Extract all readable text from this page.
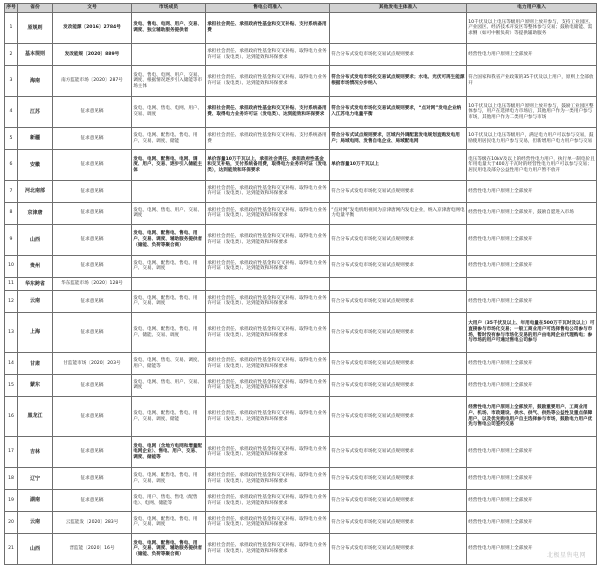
序号	省份	文号	市场成员	售电公司准入	其他发电主体准入	电力用户准入
1	原规则	发改能源〔2016〕2784号	发电、售电、电网、用户、交易、调度、独立辅助服务提供者	承担社会责任、承担政府性基金和交叉补贴、支付系统备用费		10千伏及以上电压等级用户原则上放开参与，支持工业园区、产业园区、经济技术开发区等整体参与交易；鼓励电储能、需求侧（如可中断负荷）等提供辅助服务
2	基本规则	发改能规〔2020〕889号		承担社会责任、承担政府性基金和交叉补贴、取得电力业务许可证（发电类）、达到能效和环保要求	符合分布式发电市场化交易试点规则要求	经营性电力用户原则上全部放开
3	海南	南方监能市场〔2020〕287号	发电、售电、电网、用户、交易、调度、根据情况逐步引入储能等市场主体	承担社会责任、承担政府性基金和交叉补贴、取得电力业务许可证（发电类）、达到能效和环保要求	符合分布式发电市场化交易试点规则要求；水电、光伏可再生能源根据市场情况分步纳入	符合国家和我省产业政策的35千伏及以上用户，原则上全部放开
4	江苏	征求意见稿	发电、电网、售电、电网、用户、交易、调度	承担社会责任、承担政府性基金和交叉补贴、支付系统备用费、取得电力业务许可证（发电类）、达到能效和环保要求	符合分布式发电市场化交易试点规则要求，“点对网”发电企业纳入江苏电力电量平衡	10千伏及以上电压等级用户原则上放开参与，鼓励工业园区整体参与，用户在选择电力市场后，其他用户作为一类用户参与市场，其他用户作为二类用户参与市场
5	新疆	征求意见稿	发电、电网、配售电、售电、用户、交易、调度、储能	承担社会责任、承担政府性基金和交叉补贴、支付系统备用费	符合分布式试点规则要求，区域内外调配套发电规划直购发电用户；局域电网、发售自电企业、局域配电网	10千伏及以上电压等级用户，满足电力用户可以参与交易，鼓励使用居民电力用户参与交易，但新增用户电力用户参与交易
6	安徽	征求意见稿	发电、电网、配售电、电网、调度、用户、交易、逐步引入储能主体	单价容量10万千瓦以上，承担社会责任、承担政府性基金和交叉补贴，支付系统备用费，取得电力业务许可证（发电类），达到能效和环保要求	单价容量10万千瓦以上	电压等级在10kV及以上的经营性电力用户，执行单一制电价且年用电量大于400万千瓦时的经营性电力用户可以参与交易；居民用电及部分公益性用户电力用户暂不放开
7	河北南部	征求意见稿		承担社会责任、承担政府性基金和交叉补贴、取得电力业务许可证（发电类）、达到能效和环保要求	符合分布式发电市场化交易试点规则要求	经营性电力用户原则上全部放开
8	京津唐	征求意见稿	发电、电网、售电、用户、交易、调度	承担社会责任、承担政府性基金和交叉补贴、取得电力业务许可证（发电类）、达到能效和环保要求	“点对网”发电机组视同为京津唐网内发电企业，纳入京津唐电网电力电量平衡	经营性电力用户原则上全部放开，鼓励自愿进入市场
9	山西	征求意见稿	发电、电网、配售电、售电、用户、交易、调度、辅助服务提供者（储能、负荷等聚合商）	承担社会责任、承担政府性基金和交叉补贴、取得电力业务许可证（发电类）、达到能效和环保要求	符合分布式发电市场化交易试点规则要求	经营性电力用户原则上全部放开
10	贵州	征求意见稿	发电、电网、配售电、售电、用户、交易、调度	承担社会责任、承担政府性基金和交叉补贴、取得电力业务许可证（发电类）、达到能效和环保要求	符合分布式发电市场化交易试点规则要求	经营性电力用户原则上全部放开
11	华东跨省	华东监能市场〔2020〕128号				
12	云南	征求意见稿	发电、电网、配售电、售电、用户、交易、调度	承担社会责任、承担政府性基金和交叉补贴、取得电力业务许可证（发电类）、达到能效和环保要求	符合分布式发电市场化交易试点规则要求	经营性电力用户原则上全部放开
13	上海	征求意见稿	发电、电网、配售电、售电、用户、储能、交易、调度	承担社会责任、承担政府性基金和交叉补贴、取得电力业务许可证（发电类）、达到能效和环保要求	符合分布式发电市场化交易试点规则要求	大用户（35千伏及以上、年用电量在500万千瓦时及以上）可直接参与市场化交易；一般工商业用户可选择售电公司参与市场，暂时没有参与市场化交易的用户由电网企业代理购电；参与市场的用户可通过售电公司参与
14	甘肃	甘监能市场〔2020〕203号	发电、电网、售电、交易、调度、用户、储能等	承担社会责任、承担政府性基金和交叉补贴、取得电力业务许可证（发电类）、达到能效和环保要求	符合分布式发电市场化交易试点规则要求	经营性电力用户原则上全部放开
15	蒙东	征求意见稿	发电、电网、售电、用户、交易、调度	承担社会责任、承担政府性基金和交叉补贴、取得电力业务许可证（发电类）、达到能效和环保要求	符合分布式发电市场化交易试点规则要求	经营性电力用户原则上全部放开
16	黑龙江	征求意见稿	发电、电网、配售电、售电、用户、交易、调度、储能	承担社会责任、承担政府性基金和交叉补贴、取得电力业务许可证（发电类）、达到能效和环保要求	符合分布式发电市场化交易试点规则要求	经营性电力用户原则上全部放开，鼓励重要用户、工商业用户、机场、市政建设、供水、供气、供热等公益性及重点保障用户，以及优先购电用户自主选择参与市场，鼓励电力用户优先与售电公司签约交易
17	吉林	征求意见稿	发电、电网（含地方电网和增量配电网企业）、售电、用户、交易、调度、储能等	承担社会责任、承担政府性基金和交叉补贴、取得电力业务许可证（发电类）、达到能效和环保要求	符合分布式发电市场化交易试点规则要求	经营性电力用户原则上全部放开
18	辽宁	征求意见稿	发电、电网、配售电、售电、用户、交易、调度	承担社会责任、承担政府性基金和交叉补贴、取得电力业务许可证（发电类）、达到能效和环保要求	符合分布式发电市场化交易试点规则要求	经营性电力用户原则上全部放开
19	湖南	征求意见稿	发电、用户、售电、售电（配售电）、电网、储能等	承担社会责任、承担政府性基金和交叉补贴、取得电力业务许可证（发电类）、达到能效和环保要求	符合分布式发电市场化交易试点规则要求	经营性电力用户原则上全部放开
20	云南	云监能发〔2020〕283号	发电、电网、配售电、售电、用户、交易、调度	承担社会责任、承担政府性基金和交叉补贴、取得电力业务许可证（发电类）、达到能效和环保要求	符合分布式发电市场化交易试点规则要求	经营性电力用户原则上全部放开
21	山西	晋监能〔2020〕16号	发电、电网、配售电、售电、用户、交易、调度、辅助服务提供者（储能、负荷等聚合商）	承担社会责任、承担政府性基金和交叉补贴、取得电力业务许可证（发电类）、达到能效和环保要求	符合分布式发电市场化交易试点规则要求	经营性电力用户原则上全部放开
北极星售电网
